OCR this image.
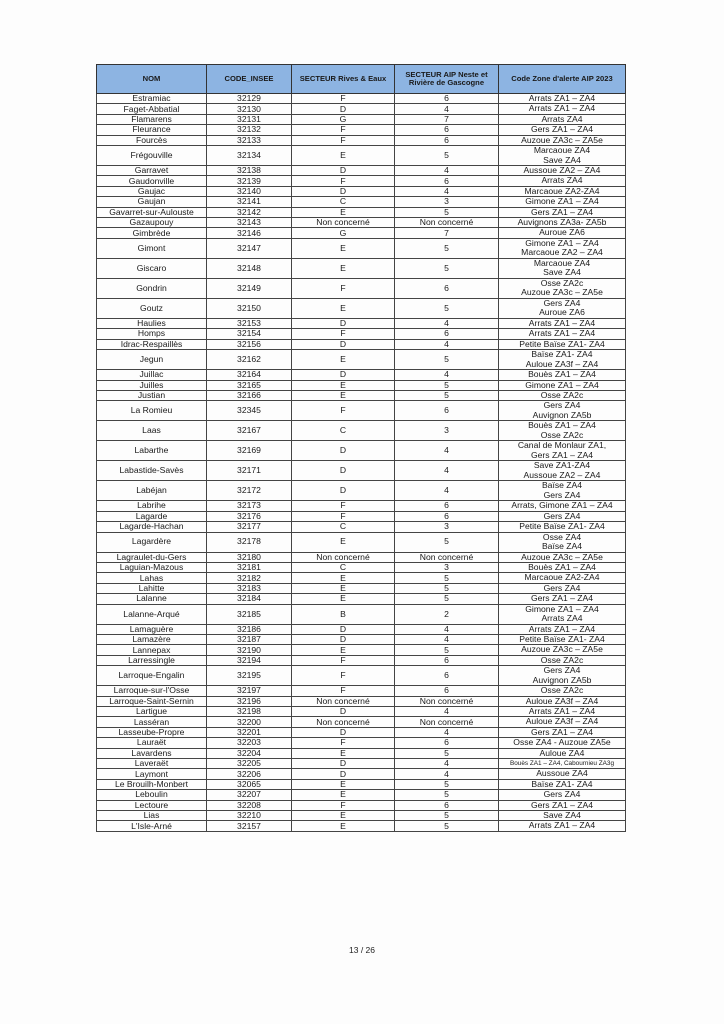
NOM	CODE_INSEE	SECTEUR Rives & Eaux	SECTEUR AIP Neste et Rivière de Gascogne	Code Zone d'alerte AIP 2023
Estramiac	32129	F	6	Arrats ZA1 – ZA4

Faget-Abbatial	32130	D	4	Arrats ZA1 – ZA4

Flamarens	32131	G	7	Arrats ZA4

Fleurance	32132	F	6	Gers ZA1 – ZA4

Fourcès	32133	F	6	Auzoue ZA3c – ZA5e

Frégouville	32134	E	5	Marcaoue ZA4
Save ZA4

Garravet	32138	D	4	Aussoue ZA2 – ZA4

Gaudonville	32139	F	6	Arrats ZA4

Gaujac	32140	D	4	Marcaoue ZA2-ZA4

Gaujan	32141	C	3	Gimone ZA1 – ZA4

Gavarret-sur-Aulouste	32142	E	5	Gers ZA1 – ZA4

Gazaupouy	32143	Non concerné	Non concerné	Auvignons ZA3a- ZA5b

Gimbrède	32146	G	7	Auroue ZA6

Gimont	32147	E	5	Gimone ZA1 – ZA4
Marcaoue ZA2 – ZA4

Giscaro	32148	E	5	Marcaoue ZA4
Save ZA4

Gondrin	32149	F	6	Osse ZA2c
Auzoue ZA3c – ZA5e

Goutz	32150	E	5	Gers ZA4
Auroue ZA6

Haulies	32153	D	4	Arrats ZA1 – ZA4

Homps	32154	F	6	Arrats ZA1 – ZA4

Idrac-Respaillès	32156	D	4	Petite Baïse ZA1- ZA4

Jegun	32162	E	5	Baïse ZA1- ZA4
Auloue ZA3f – ZA4

Juillac	32164	D	4	Bouès ZA1 – ZA4

Juilles	32165	E	5	Gimone ZA1 – ZA4

Justian	32166	E	5	Osse ZA2c

La Romieu	32345	F	6	Gers ZA4
Auvignon ZA5b

Laas	32167	C	3	Bouès ZA1 – ZA4
Osse ZA2c

Labarthe	32169	D	4	Canal de Monlaur ZA1,
Gers ZA1 – ZA4

Labastide-Savès	32171	D	4	Save ZA1-ZA4
Aussoue ZA2 – ZA4

Labéjan	32172	D	4	Baïse ZA4
Gers ZA4

Labrihe	32173	F	6	Arrats, Gimone ZA1 – ZA4

Lagarde	32176	F	6	Gers ZA4

Lagarde-Hachan	32177	C	3	Petite Baïse ZA1- ZA4

Lagardère	32178	E	5	Osse ZA4
Baïse ZA4

Lagraulet-du-Gers	32180	Non concerné	Non concerné	Auzoue ZA3c – ZA5e

Laguian-Mazous	32181	C	3	Bouès ZA1 – ZA4

Lahas	32182	E	5	Marcaoue ZA2-ZA4

Lahitte	32183	E	5	Gers ZA4

Lalanne	32184	E	5	Gers ZA1 – ZA4

Lalanne-Arqué	32185	B	2	Gimone ZA1 – ZA4
Arrats ZA4

Lamaguère	32186	D	4	Arrats ZA1 – ZA4

Lamazère	32187	D	4	Petite Baïse ZA1- ZA4

Lannepax	32190	E	5	Auzoue ZA3c – ZA5e

Larressingle	32194	F	6	Osse ZA2c

Larroque-Engalin	32195	F	6	Gers ZA4
Auvignon ZA5b

Larroque-sur-l'Osse	32197	F	6	Osse ZA2c

Larroque-Saint-Sernin	32196	Non concerné	Non concerné	Auloue ZA3f – ZA4

Lartigue	32198	D	4	Arrats ZA1 – ZA4

Lasséran	32200	Non concerné	Non concerné	Auloue ZA3f – ZA4

Lasseube-Propre	32201	D	4	Gers ZA1 – ZA4

Lauraët	32203	F	6	Osse ZA4 - Auzoue ZA5e

Lavardens	32204	E	5	Auloue ZA4

Laveraët	32205	D	4	Bouès ZA1 – ZA4, Cabournieu ZA3g

Laymont	32206	D	4	Aussoue ZA4

Le Brouilh-Monbert	32065	E	5	Baïse ZA1- ZA4

Leboulin	32207	E	5	Gers ZA4

Lectoure	32208	F	6	Gers ZA1 – ZA4

Lias	32210	E	5	Save ZA4

L'Isle-Arné	32157	E	5	Arrats ZA1 – ZA4
13 / 26
